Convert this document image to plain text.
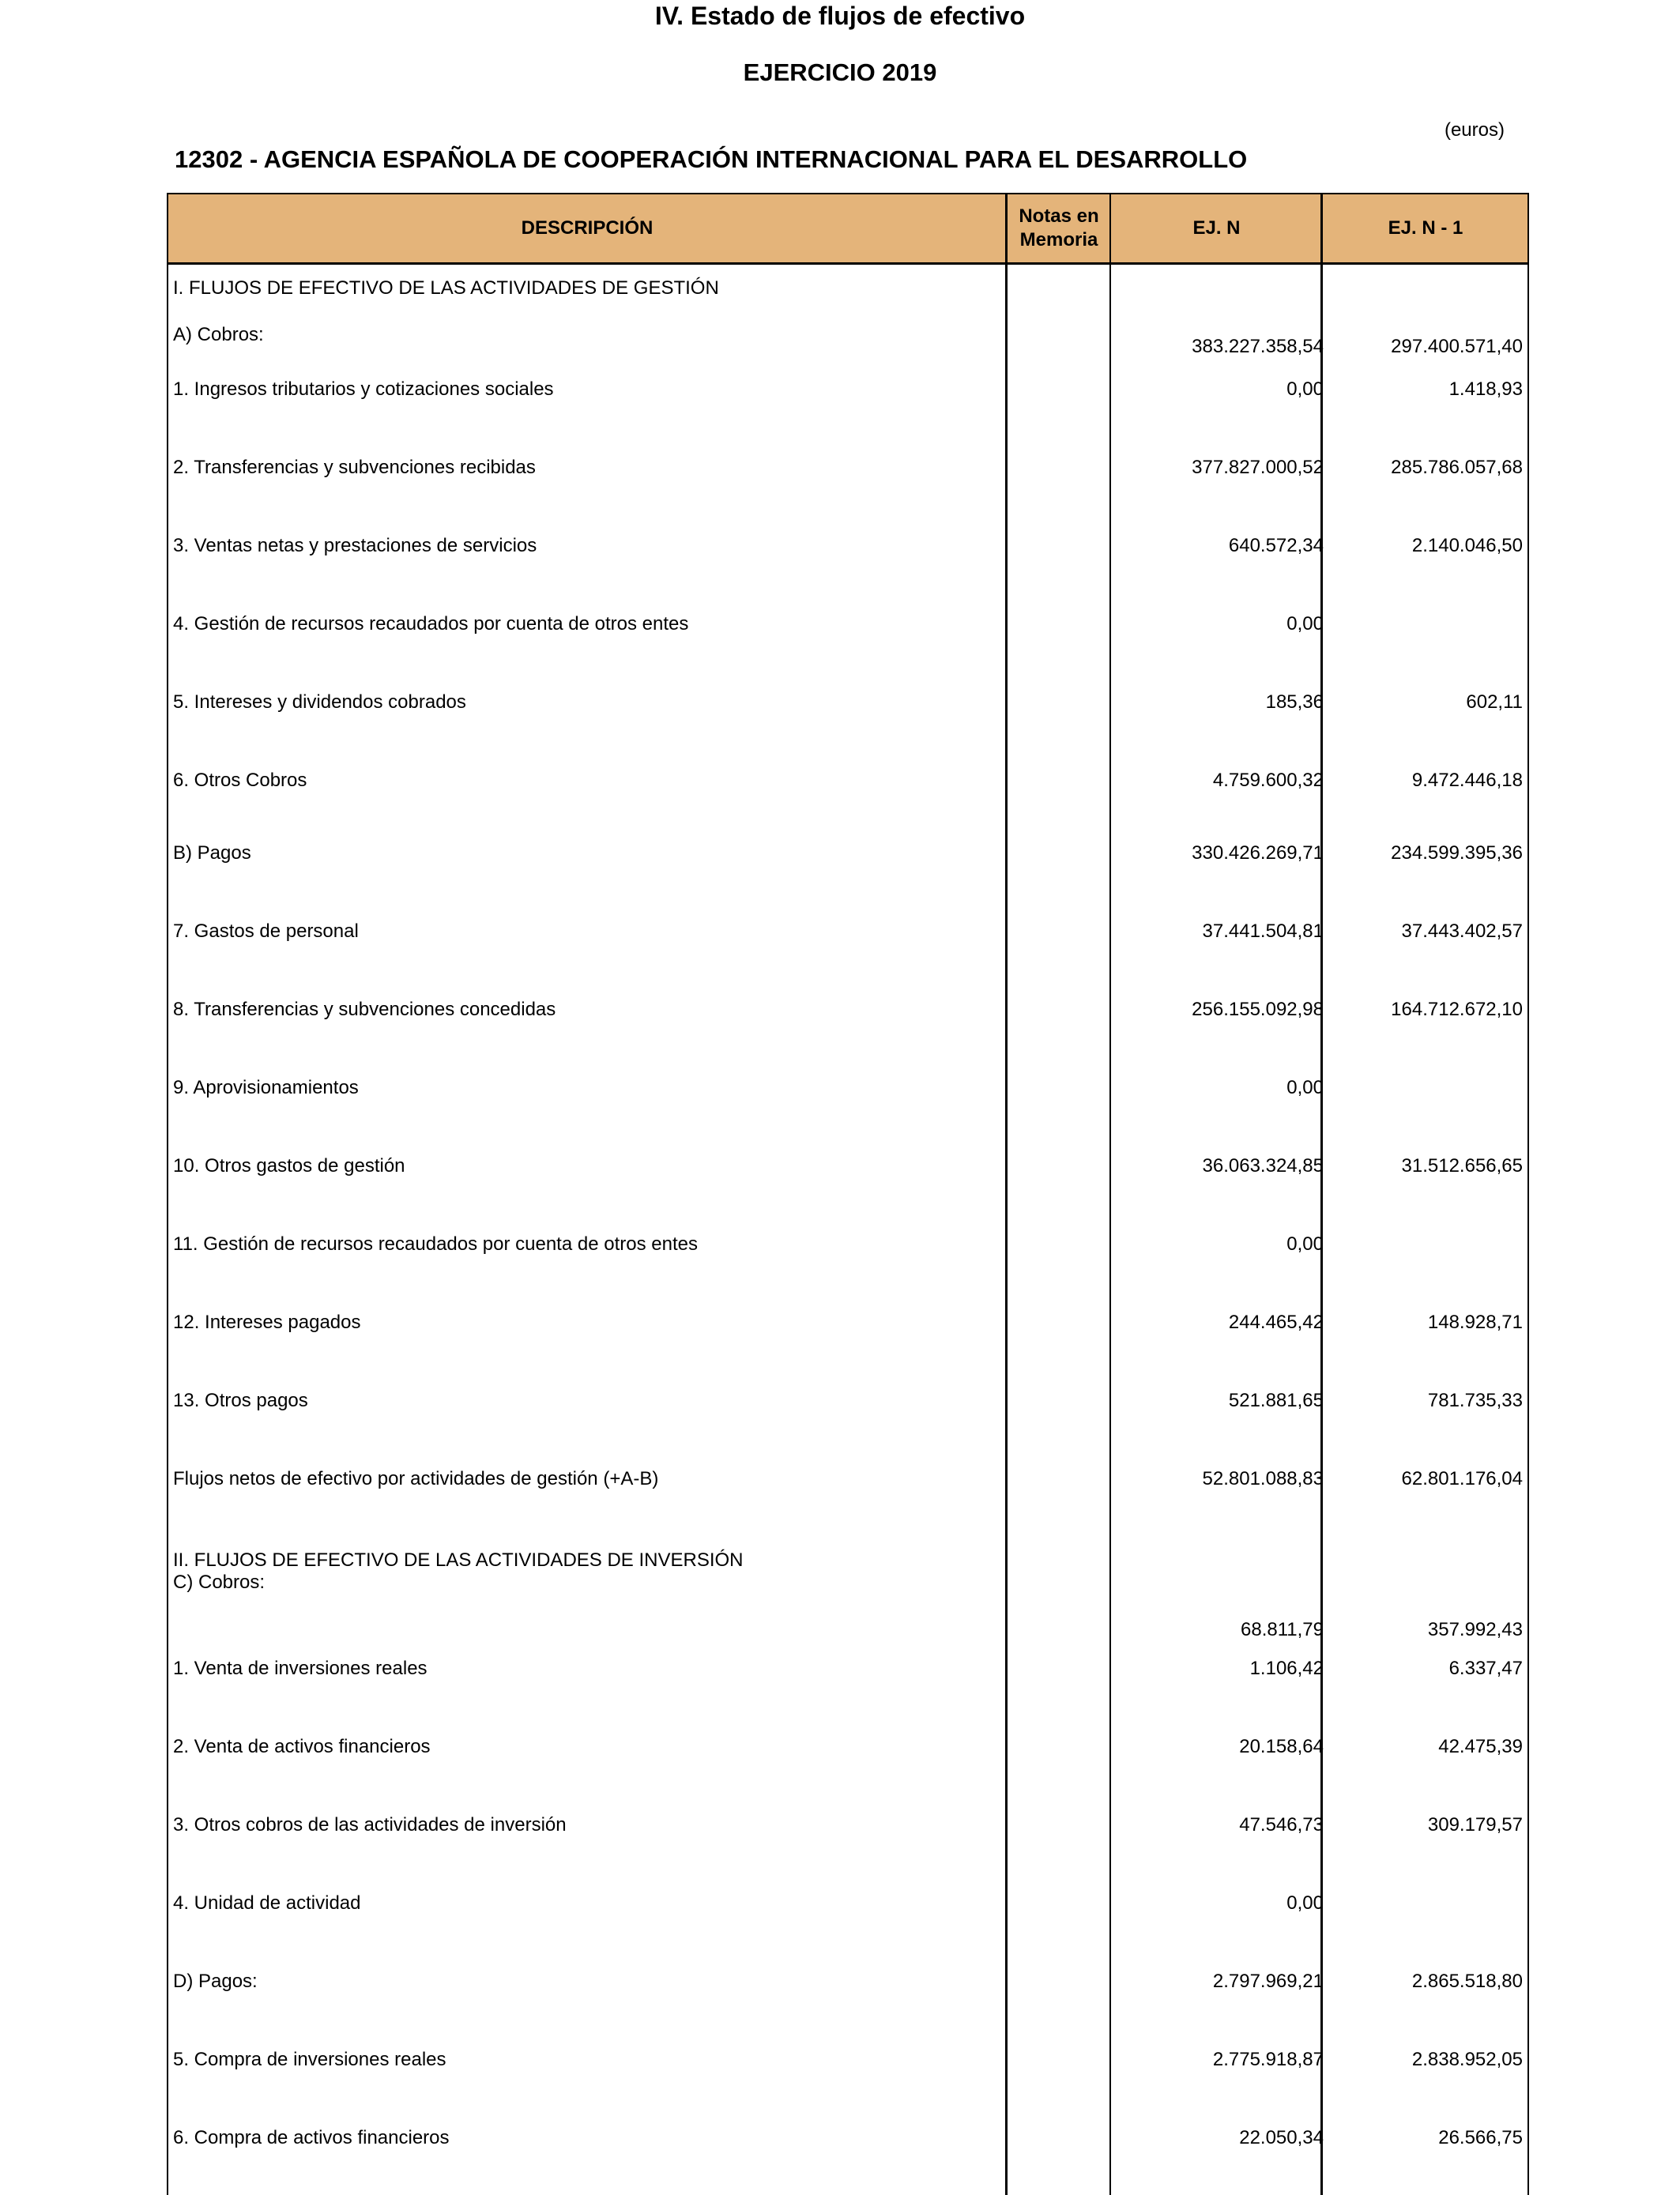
IV. Estado de flujos de efectivo
EJERCICIO 2019
(euros)
12302 - AGENCIA ESPAÑOLA DE COOPERACIÓN INTERNACIONAL PARA EL DESARROLLO
DESCRIPCIÓN
Notas en Memoria
EJ. N	EJ. N - 1
I. FLUJOS DE EFECTIVO DE LAS ACTIVIDADES DE GESTIÓN
A) Cobros:
383.227.358,54	297.400.571,40
1. Ingresos tributarios y cotizaciones sociales	0,00	1.418,93
2. Transferencias y subvenciones recibidas	377.827.000,52	285.786.057,68
3. Ventas netas y prestaciones de servicios	640.572,34	2.140.046,50
4. Gestión de recursos recaudados por cuenta de otros entes	0,00
5. Intereses y dividendos cobrados	185,36	602,11
6. Otros Cobros	4.759.600,32	9.472.446,18
B) Pagos	330.426.269,71	234.599.395,36
7. Gastos de personal	37.441.504,81	37.443.402,57
8. Transferencias y subvenciones concedidas	256.155.092,98	164.712.672,10
9. Aprovisionamientos	0,00
10. Otros gastos de gestión	36.063.324,85	31.512.656,65
11. Gestión de recursos recaudados por cuenta de otros entes	0,00
12. Intereses pagados	244.465,42	148.928,71
13. Otros pagos	521.881,65	781.735,33
Flujos netos de efectivo por actividades de gestión (+A-B)	52.801.088,83	62.801.176,04
II. FLUJOS DE EFECTIVO DE LAS ACTIVIDADES DE INVERSIÓN
C) Cobros:
68.811,79	357.992,43
1. Venta de inversiones reales	1.106,42	6.337,47
2. Venta de activos financieros	20.158,64	42.475,39
3. Otros cobros de las actividades de inversión	47.546,73	309.179,57
4. Unidad de actividad	0,00
D) Pagos:	2.797.969,21	2.865.518,80
5. Compra de inversiones reales	2.775.918,87	2.838.952,05
6. Compra de activos financieros	22.050,34	26.566,75
